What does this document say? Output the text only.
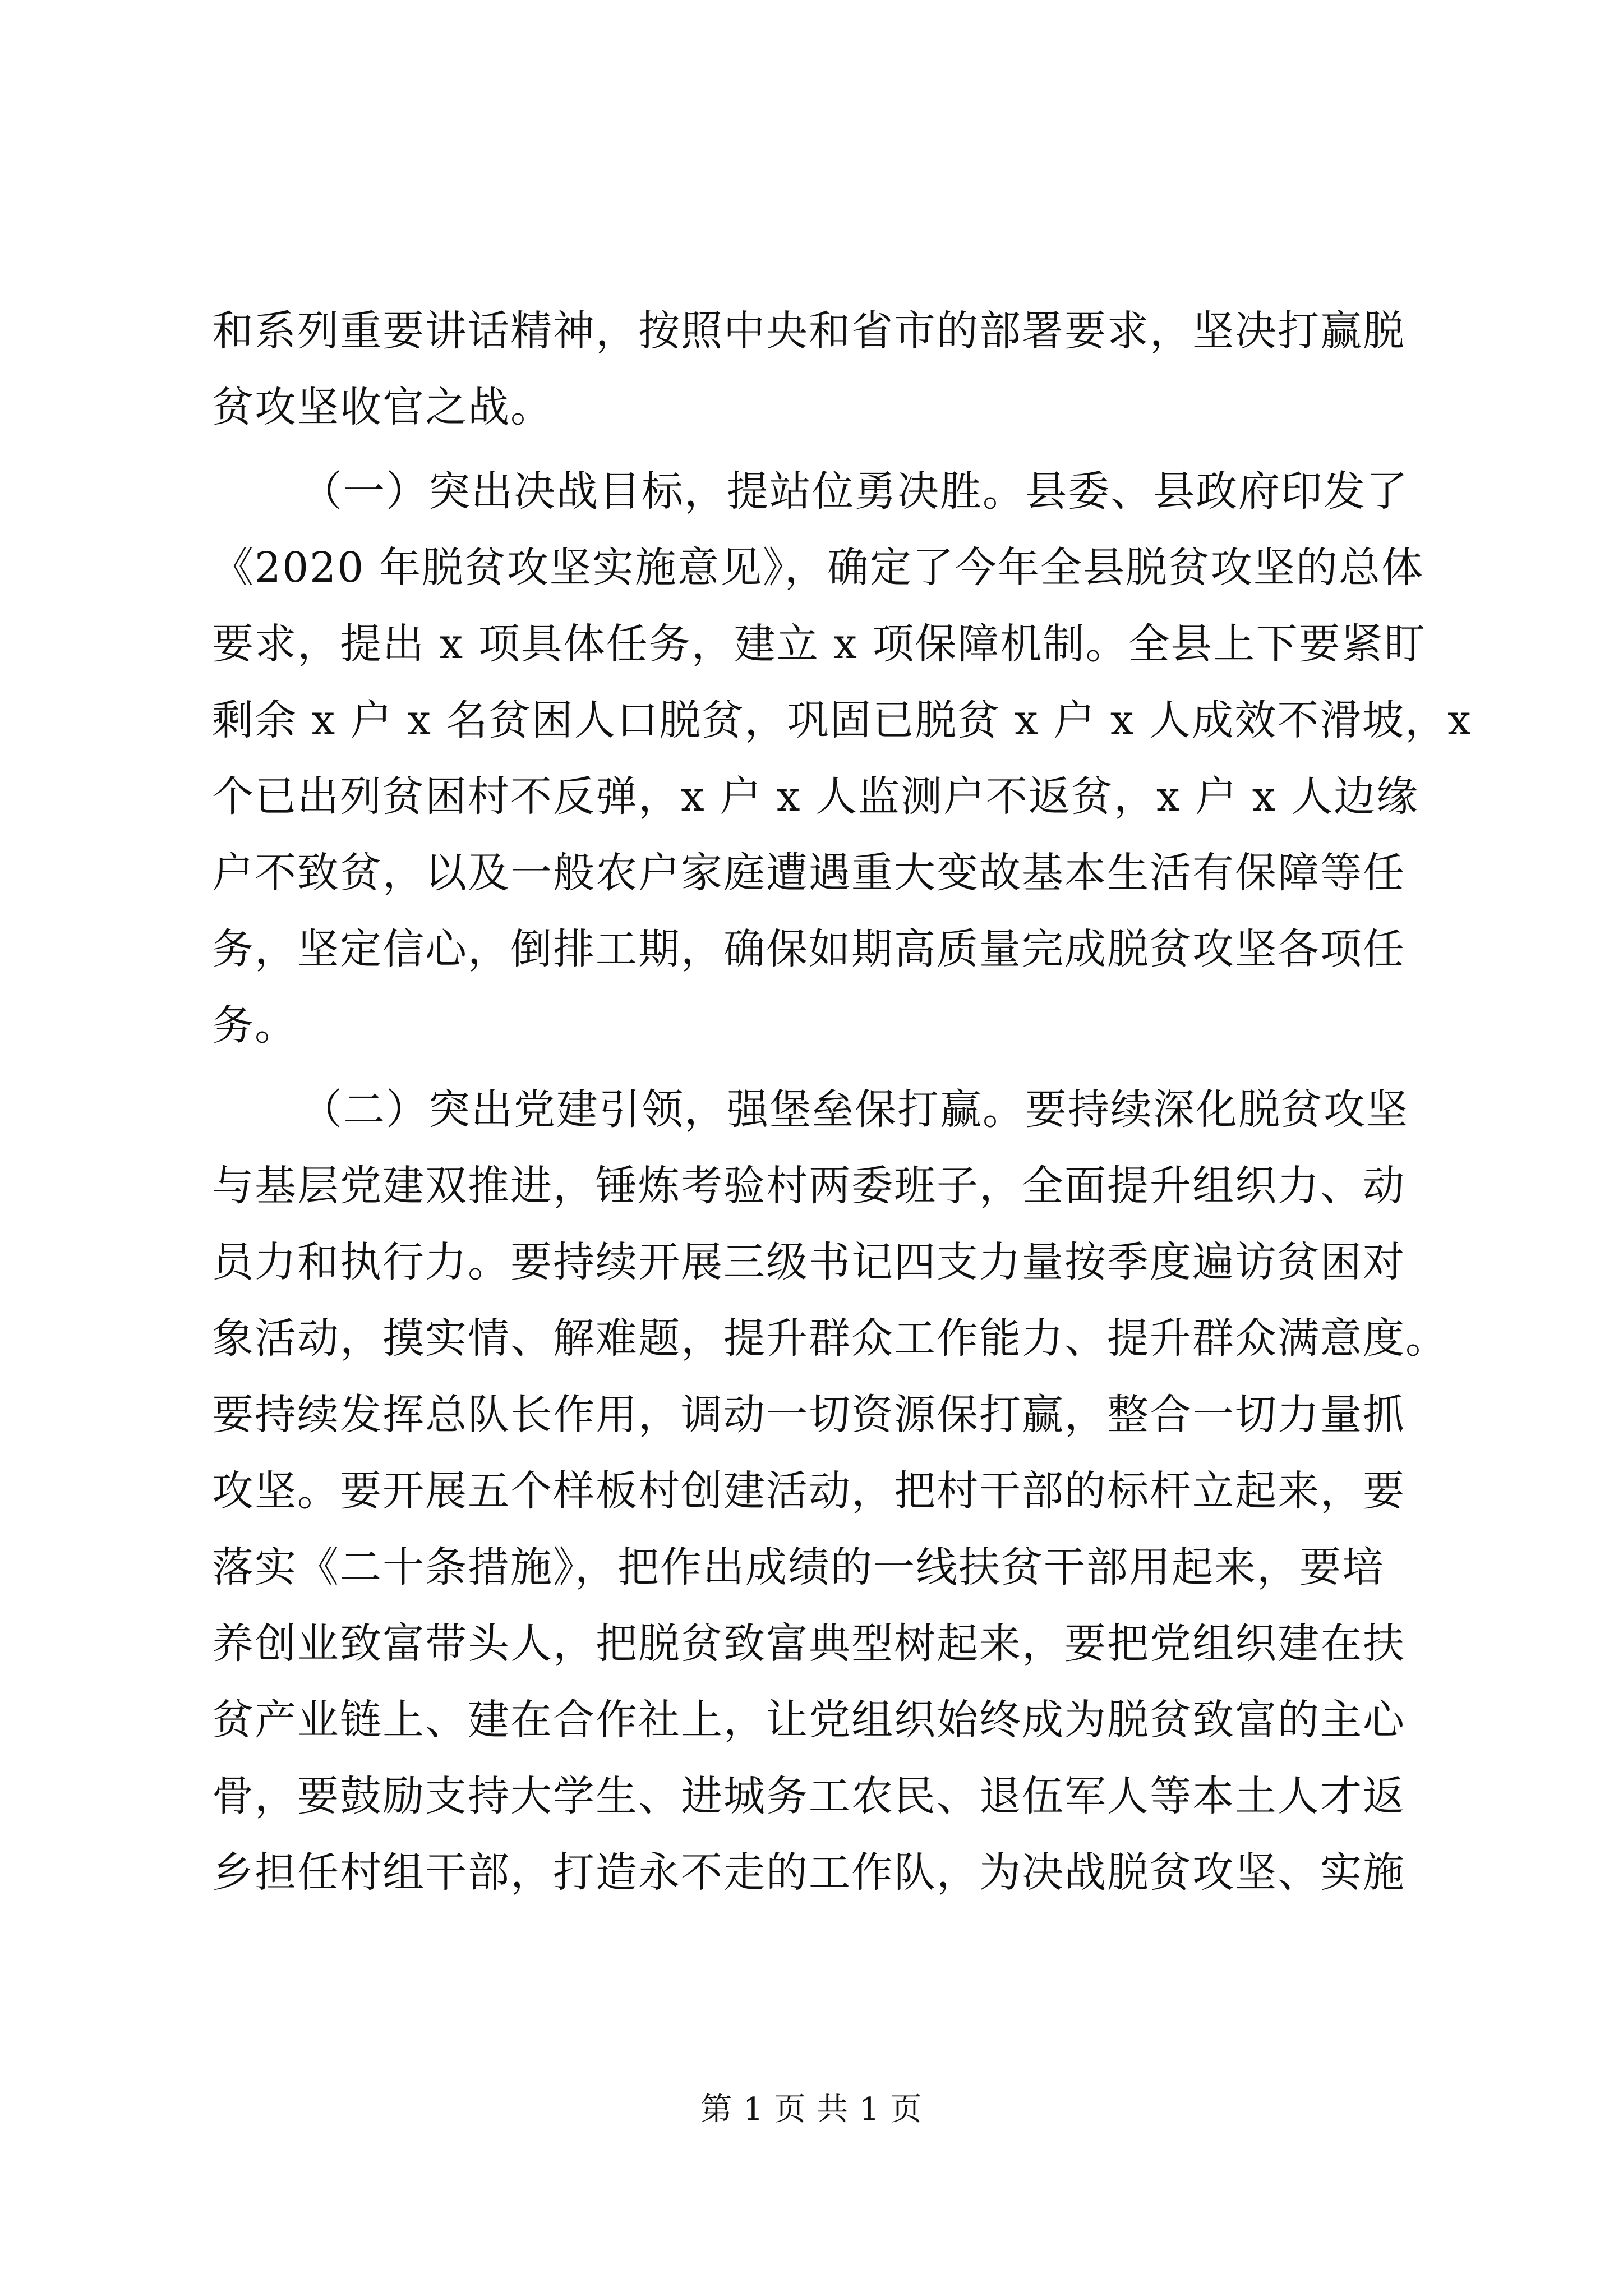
和系列重要讲话精神，按照中央和省市的部署要求，坚决打赢脱
贫攻坚收官之战。
（一）突出决战目标，提站位勇决胜。县委、县政府印发了
《2020 年脱贫攻坚实施意见》，确定了今年全县脱贫攻坚的总体
要求，提出 x 项具体任务，建立 x 项保障机制。全县上下要紧盯
剩余 x 户 x 名贫困人口脱贫，巩固已脱贫 x 户 x 人成效不滑坡，x
个已出列贫困村不反弹，x 户 x 人监测户不返贫，x 户 x 人边缘
户不致贫，以及一般农户家庭遭遇重大变故基本生活有保障等任
务，坚定信心，倒排工期，确保如期高质量完成脱贫攻坚各项任
务。
（二）突出党建引领，强堡垒保打赢。要持续深化脱贫攻坚
与基层党建双推进，锤炼考验村两委班子，全面提升组织力、动
员力和执行力。要持续开展三级书记四支力量按季度遍访贫困对
象活动，摸实情、解难题，提升群众工作能力、提升群众满意度。
要持续发挥总队长作用，调动一切资源保打赢，整合一切力量抓
攻坚。要开展五个样板村创建活动，把村干部的标杆立起来，要
落实《二十条措施》，把作出成绩的一线扶贫干部用起来，要培
养创业致富带头人，把脱贫致富典型树起来，要把党组织建在扶
贫产业链上、建在合作社上，让党组织始终成为脱贫致富的主心
骨，要鼓励支持大学生、进城务工农民、退伍军人等本土人才返
乡担任村组干部，打造永不走的工作队，为决战脱贫攻坚、实施
第 1 页 共 1 页
